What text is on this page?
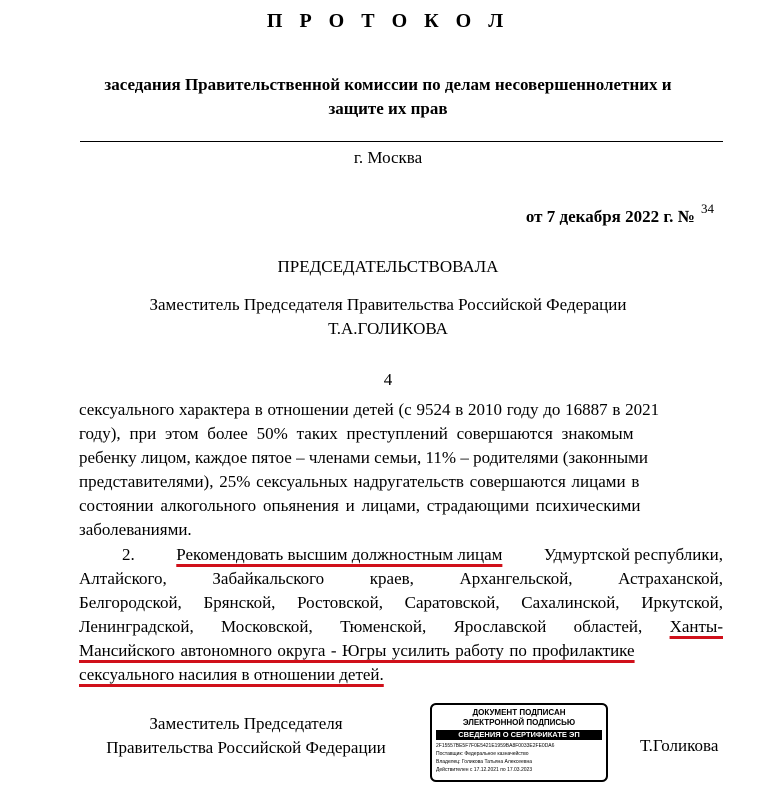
П Р О Т О К О Л
заседания Правительственной комиссии по делам несовершеннолетних и
защите их прав
г. Москва
от 7 декабря 2022 г. № $^{34}$
ПРЕДСЕДАТЕЛЬСТВОВАЛА
Заместитель Председателя Правительства Российской Федерации
Т.А.ГОЛИКОВА
4
сексуального характера в отношении детей (с 9524 в 2010 году до 16887 в 2021
году), при этом более 50% таких преступлений совершаются знакомым
ребенку лицом, каждое пятое – членами семьи, 11% – родителями (законными
представителями), 25% сексуальных надругательств совершаются лицами в
состоянии алкогольного опьянения и лицами, страдающими психическими
заболеваниями.
2. Рекомендовать высшим должностным лицам Удмуртской республики,
Алтайского,	Забайкальского	краев,	Архангельской,	Астраханской,
Белгородской, Брянской, Ростовской, Саратовской, Сахалинской, Иркутской,
Ленинградской, Московской, Тюменской, Ярославской областей, Ханты-
Мансийского автономного округа - Югры усилить работу по профилактике
сексуального насилия в отношении детей.
Заместитель Председателя
Правительства Российской Федерации
ДОКУМЕНТ ПОДПИСАН
ЭЛЕКТРОННОЙ ПОДПИСЬЮ
СВЕДЕНИЯ О СЕРТИФИКАТЕ ЭП
2F15557BE5F7F0E5421E1959BA8F0033E2FE0DA6
Поставщик: Федеральное казначейство
Владелец: Голикова Татьяна Алексеевна
Действителен с 17.12.2021 по 17.03.2023
Т.Голикова
